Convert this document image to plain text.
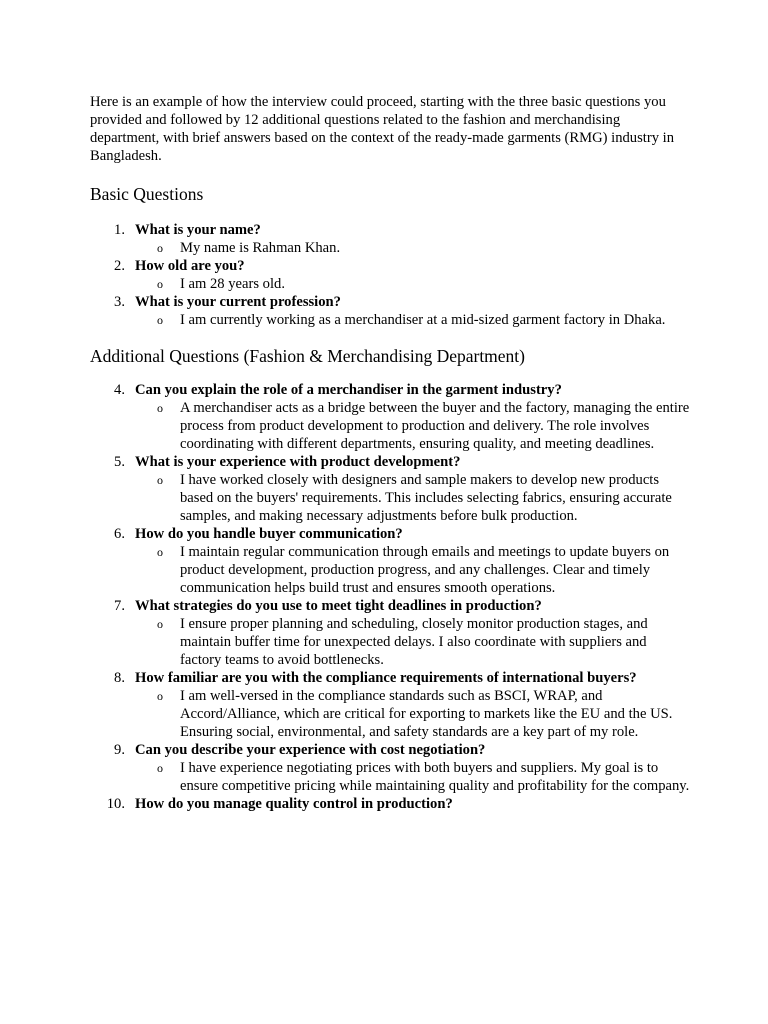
Here is an example of how the interview could proceed, starting with the three basic questions you provided and followed by 12 additional questions related to the fashion and merchandising department, with brief answers based on the context of the ready-made garments (RMG) industry in Bangladesh.

Basic Questions
1. What is your name?
o My name is Rahman Khan.
2. How old are you?
o I am 28 years old.
3. What is your current profession?
o I am currently working as a merchandiser at a mid-sized garment factory in Dhaka.
Additional Questions (Fashion & Merchandising Department)
4. Can you explain the role of a merchandiser in the garment industry?
o A merchandiser acts as a bridge between the buyer and the factory, managing the entire process from product development to production and delivery. The role involves coordinating with different departments, ensuring quality, and meeting deadlines.
5. What is your experience with product development?
o I have worked closely with designers and sample makers to develop new products based on the buyers' requirements. This includes selecting fabrics, ensuring accurate samples, and making necessary adjustments before bulk production.
6. How do you handle buyer communication?
o I maintain regular communication through emails and meetings to update buyers on product development, production progress, and any challenges. Clear and timely communication helps build trust and ensures smooth operations.
7. What strategies do you use to meet tight deadlines in production?
o I ensure proper planning and scheduling, closely monitor production stages, and maintain buffer time for unexpected delays. I also coordinate with suppliers and factory teams to avoid bottlenecks.
8. How familiar are you with the compliance requirements of international buyers?
o I am well-versed in the compliance standards such as BSCI, WRAP, and Accord/Alliance, which are critical for exporting to markets like the EU and the US. Ensuring social, environmental, and safety standards are a key part of my role.
9. Can you describe your experience with cost negotiation?
o I have experience negotiating prices with both buyers and suppliers. My goal is to ensure competitive pricing while maintaining quality and profitability for the company.
10. How do you manage quality control in production?
